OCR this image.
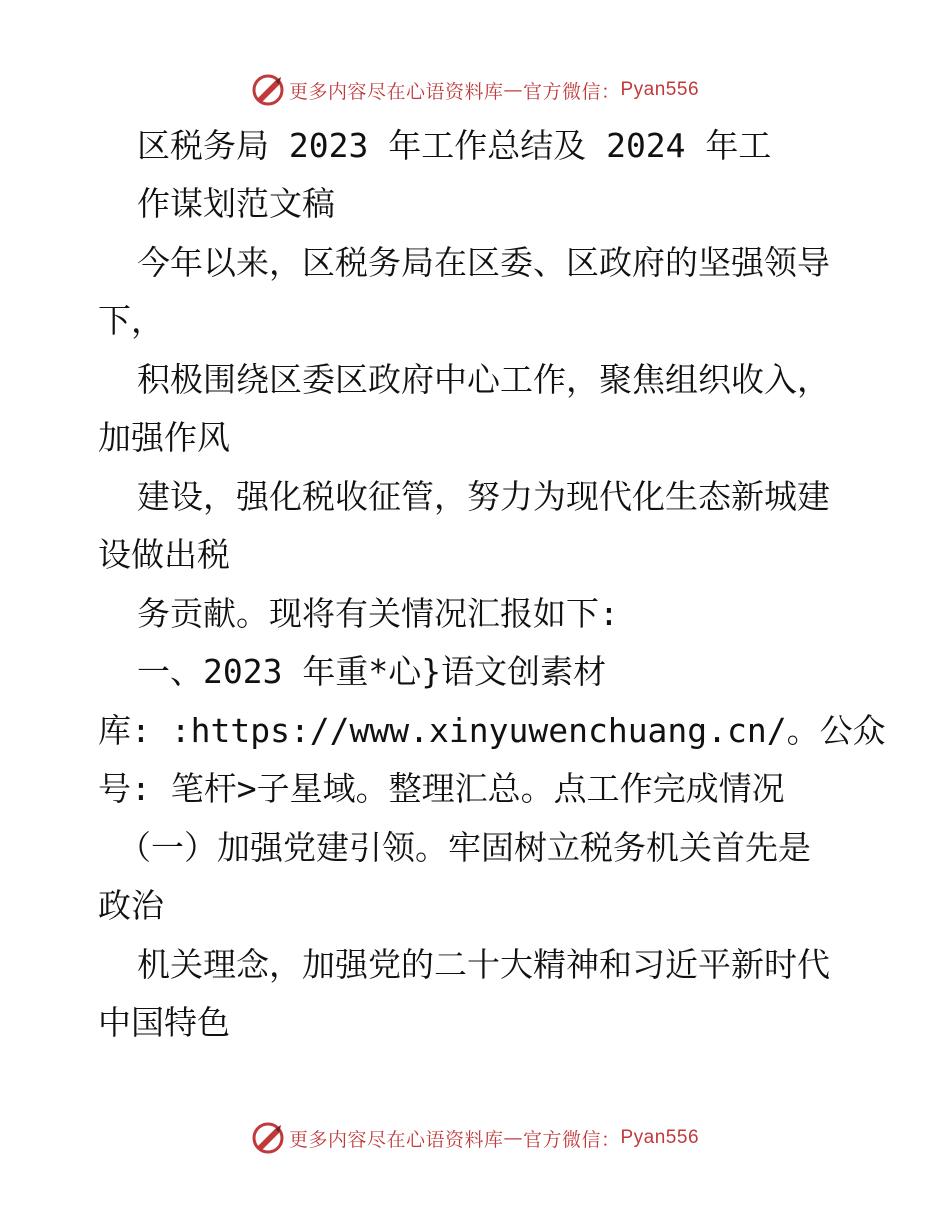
更多内容尽在心语资料库 — 官方微信： Pyan556
区税务局 2023 年工作总结及 2024 年工
作谋划范文稿
今年以来，区税务局在区委、区政府的坚强领导
下，
积极围绕区委区政府中心工作，聚焦组织收入，
加强作风
建设，强化税收征管，努力为现代化生态新城建
设做出税
务贡献。现将有关情况汇报如下:
一、2023 年重*心}语文创素材
库: :https://www.xinyuwenchuang.cn/。公众
号: 笔杆>子星域。整理汇总。点工作完成情况
（一）加强党建引领。牢固树立税务机关首先是
政治
机关理念，加强党的二十大精神和习近平新时代
中国特色
更多内容尽在心语资料库 — 官方微信： Pyan556
